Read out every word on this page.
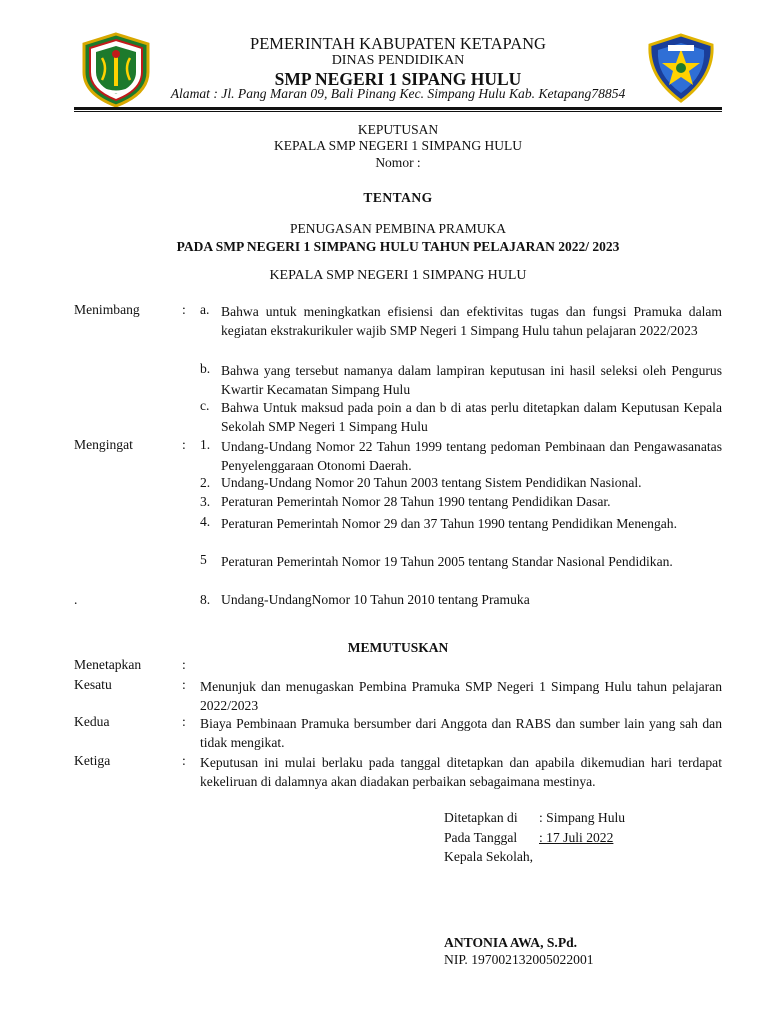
PEMERINTAH KABUPATEN KETAPANG
DINAS PENDIDIKAN
SMP NEGERI 1 SIPANG HULU
Alamat : Jl. Pang Maran 09, Bali Pinang Kec. Simpang Hulu Kab. Ketapang78854
KEPUTUSAN
KEPALA SMP NEGERI 1 SIMPANG HULU
Nomor :
TENTANG
PENUGASAN PEMBINA PRAMUKA
PADA SMP NEGERI 1 SIMPANG HULU TAHUN PELAJARAN 2022/ 2023
KEPALA SMP NEGERI 1 SIMPANG HULU
Menimbang	: a. Bahwa untuk meningkatkan efisiensi dan efektivitas tugas dan fungsi Pramuka dalam kegiatan ekstrakurikuler wajib SMP Negeri 1 Simpang Hulu tahun pelajaran 2022/2023
b. Bahwa yang tersebut namanya dalam lampiran keputusan ini hasil seleksi oleh Pengurus Kwartir Kecamatan Simpang Hulu
c. Bahwa Untuk maksud pada poin a dan b di atas perlu ditetapkan dalam Keputusan Kepala Sekolah SMP Negeri 1 Simpang Hulu
Mengingat	: 1. Undang-Undang Nomor 22 Tahun 1999 tentang pedoman Pembinaan dan Pengawasanatas Penyelenggaraan Otonomi Daerah.
2. Undang-Undang Nomor 20 Tahun 2003 tentang Sistem Pendidikan Nasional.
3. Peraturan Pemerintah Nomor 28 Tahun 1990 tentang Pendidikan Dasar.
4. Peraturan Pemerintah Nomor 29 dan 37 Tahun 1990 tentang Pendidikan Menengah.
5 Peraturan Pemerintah Nomor 19 Tahun 2005 tentang Standar Nasional Pendidikan.
.	8. Undang-UndangNomor 10 Tahun 2010 tentang Pramuka
MEMUTUSKAN
Menetapkan	:
Kesatu	: Menunjuk dan menugaskan Pembina Pramuka SMP Negeri 1 Simpang Hulu tahun pelajaran 2022/2023
Kedua	: Biaya Pembinaan Pramuka bersumber dari Anggota dan RABS dan sumber lain yang sah dan tidak mengikat.
Ketiga	: Keputusan ini mulai berlaku pada tanggal ditetapkan dan apabila dikemudian hari terdapat kekeliruan di dalamnya akan diadakan perbaikan sebagaimana mestinya.
Ditetapkan di : Simpang Hulu
Pada Tanggal : 17 Juli 2022
Kepala Sekolah,
ANTONIA AWA, S.Pd.
NIP. 197002132005022001
